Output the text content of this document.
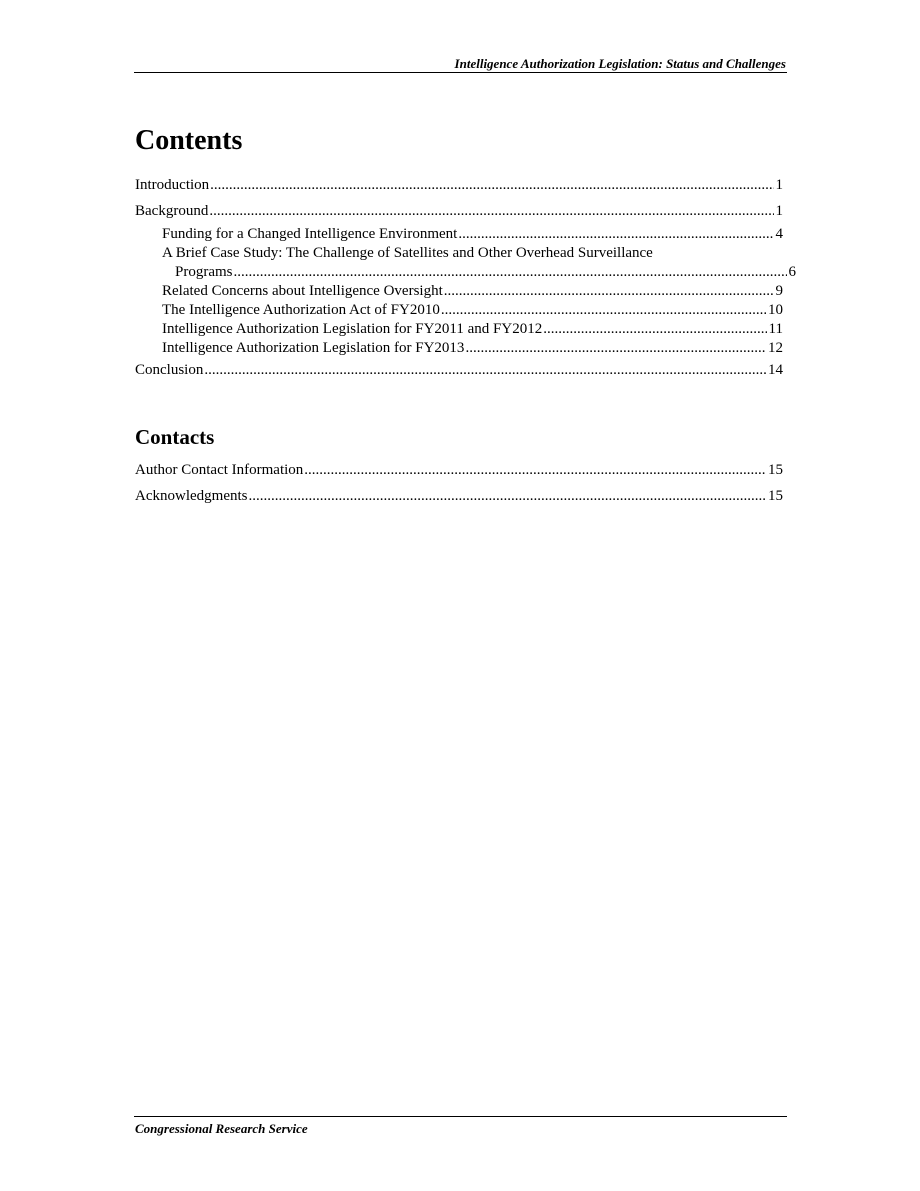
Intelligence Authorization Legislation: Status and Challenges
Contents
Introduction .....	1
Background .....	1
Funding for a Changed Intelligence Environment .....	4
A Brief Case Study: The Challenge of Satellites and Other Overhead Surveillance
Programs .....	6
Related Concerns about Intelligence Oversight .....	9
The Intelligence Authorization Act of FY2010 .....	10
Intelligence Authorization Legislation for FY2011 and FY2012 .....	11
Intelligence Authorization Legislation for FY2013 .....	12
Conclusion .....	14
Contacts
Author Contact Information .....	15
Acknowledgments .....	15
Congressional Research Service
